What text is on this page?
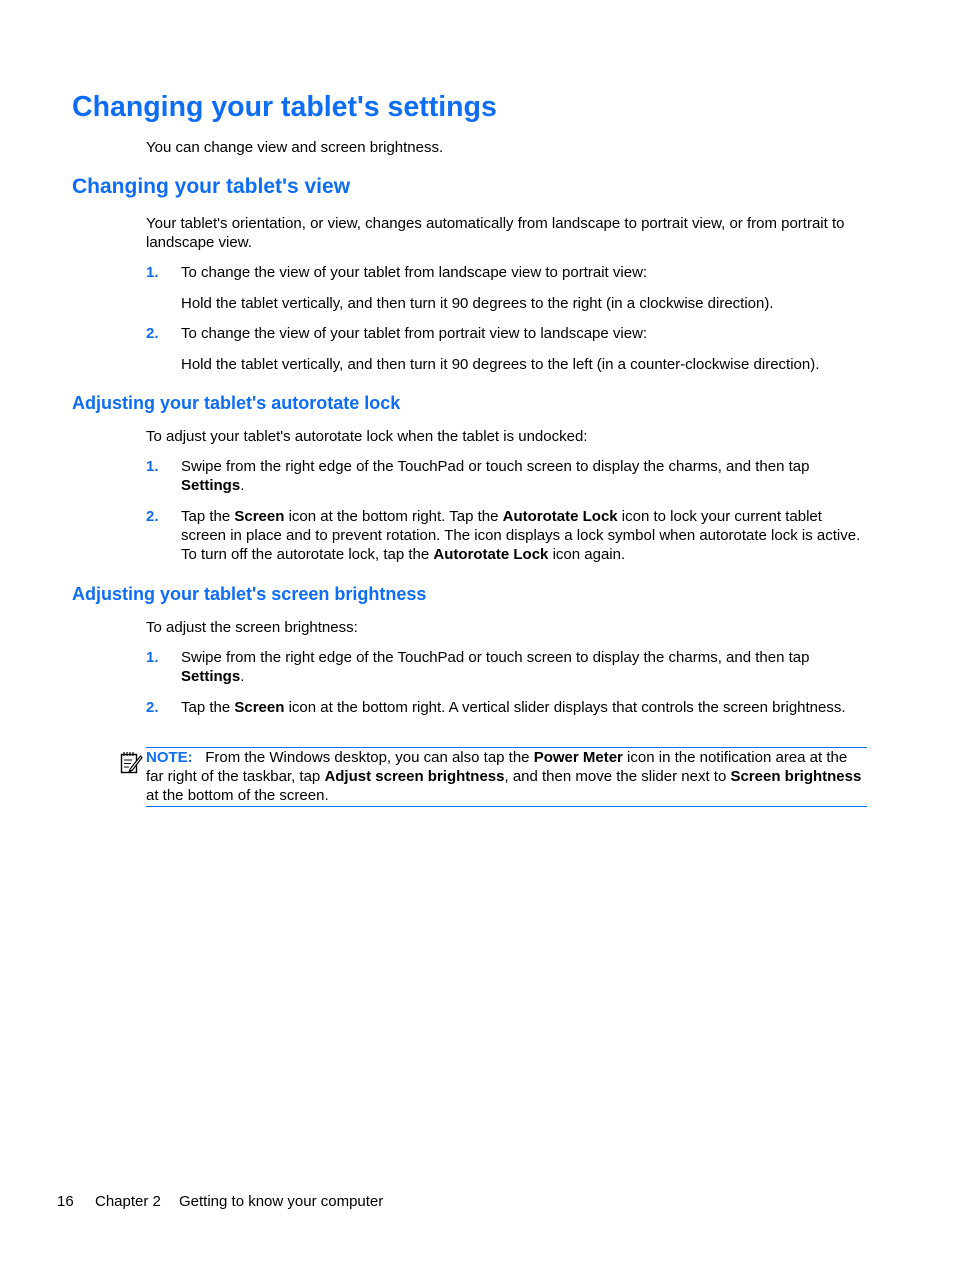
Changing your tablet's settings
You can change view and screen brightness.
Changing your tablet's view
Your tablet's orientation, or view, changes automatically from landscape to portrait view, or from portrait to landscape view.
1. To change the view of your tablet from landscape view to portrait view:
Hold the tablet vertically, and then turn it 90 degrees to the right (in a clockwise direction).
2. To change the view of your tablet from portrait view to landscape view:
Hold the tablet vertically, and then turn it 90 degrees to the left (in a counter-clockwise direction).
Adjusting your tablet's autorotate lock
To adjust your tablet's autorotate lock when the tablet is undocked:
1. Swipe from the right edge of the TouchPad or touch screen to display the charms, and then tap Settings.
2. Tap the Screen icon at the bottom right. Tap the Autorotate Lock icon to lock your current tablet screen in place and to prevent rotation. The icon displays a lock symbol when autorotate lock is active. To turn off the autorotate lock, tap the Autorotate Lock icon again.
Adjusting your tablet's screen brightness
To adjust the screen brightness:
1. Swipe from the right edge of the TouchPad or touch screen to display the charms, and then tap Settings.
2. Tap the Screen icon at the bottom right. A vertical slider displays that controls the screen brightness.
NOTE: From the Windows desktop, you can also tap the Power Meter icon in the notification area at the far right of the taskbar, tap Adjust screen brightness, and then move the slider next to Screen brightness at the bottom of the screen.
16 Chapter 2 Getting to know your computer
